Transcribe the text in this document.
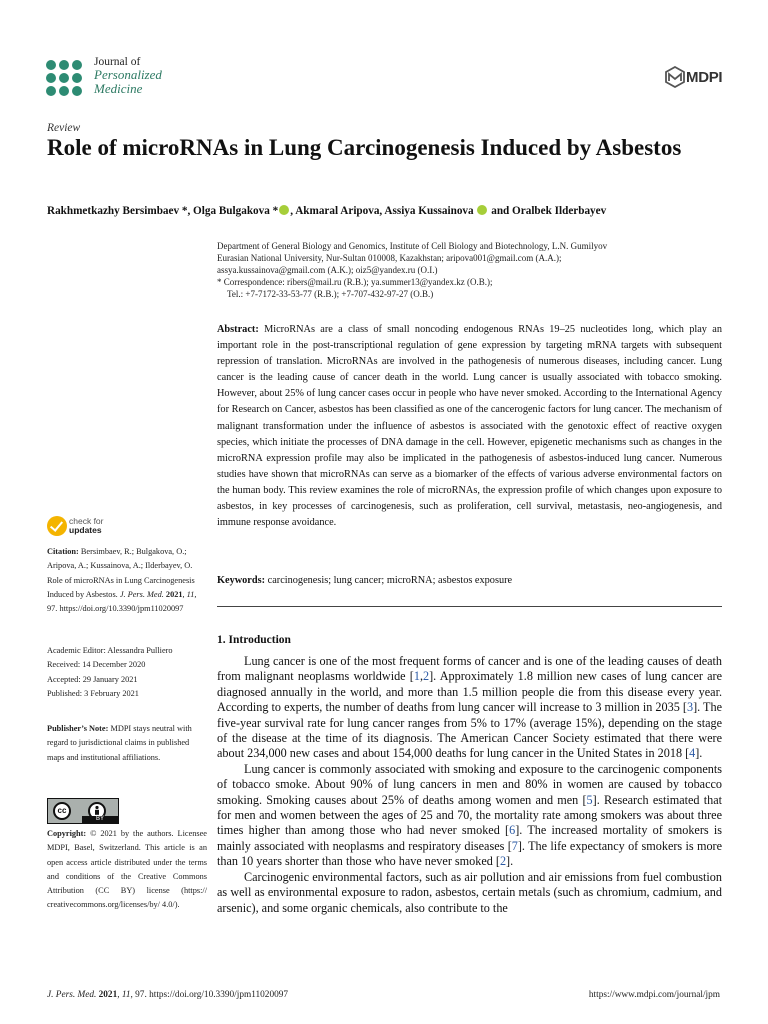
Journal of
Personalized
Medicine
MDPI
Review
Role of microRNAs in Lung Carcinogenesis Induced by Asbestos
Rakhmetkazhy Bersimbaev *, Olga Bulgakova * , Akmaral Aripova, Assiya Kussainova  and Oralbek Ilderbayev
Department of General Biology and Genomics, Institute of Cell Biology and Biotechnology, L.N. Gumilyov
Eurasian National University, Nur-Sultan 010008, Kazakhstan; aripova001@gmail.com (A.A.);
assya.kussainova@gmail.com (A.K.); oiz5@yandex.ru (O.I.)
* Correspondence: ribers@mail.ru (R.B.); ya.summer13@yandex.kz (O.B.);
Tel.: +7-7172-33-53-77 (R.B.); +7-707-432-97-27 (O.B.)
Abstract: MicroRNAs are a class of small noncoding endogenous RNAs 19–25 nucleotides long, which play an important role in the post-transcriptional regulation of gene expression by targeting mRNA targets with subsequent repression of translation. MicroRNAs are involved in the pathogenesis of numerous diseases, including cancer. Lung cancer is the leading cause of cancer death in the world. Lung cancer is usually associated with tobacco smoking. However, about 25% of lung cancer cases occur in people who have never smoked. According to the International Agency for Research on Cancer, asbestos has been classified as one of the cancerogenic factors for lung cancer. The mechanism of malignant transformation under the influence of asbestos is associated with the genotoxic effect of reactive oxygen species, which initiate the processes of DNA damage in the cell. However, epigenetic mechanisms such as changes in the microRNA expression profile may also be implicated in the pathogenesis of asbestos-induced lung cancer. Numerous studies have shown that microRNAs can serve as a biomarker of the effects of various adverse environmental factors on the human body. This review examines the role of microRNAs, the expression profile of which changes upon exposure to asbestos, in key processes of carcinogenesis, such as proliferation, cell survival, metastasis, neo-angiogenesis, and immune response avoidance.
Keywords: carcinogenesis; lung cancer; microRNA; asbestos exposure
check for
updates
Citation: Bersimbaev, R.; Bulgakova, O.; Aripova, A.; Kussainova, A.; Ilderbayev, O. Role of microRNAs in Lung Carcinogenesis Induced by Asbestos. J. Pers. Med. 2021, 11, 97. https://doi.org/10.3390/jpm11020097
Academic Editor: Alessandra Pulliero
Received: 14 December 2020
Accepted: 29 January 2021
Published: 3 February 2021
Publisher’s Note: MDPI stays neutral with regard to jurisdictional claims in published maps and institutional affiliations.
cc
BY
Copyright: © 2021 by the authors. Licensee MDPI, Basel, Switzerland. This article is an open access article distributed under the terms and conditions of the Creative Commons Attribution (CC BY) license (https:// creativecommons.org/licenses/by/ 4.0/).
1. Introduction

Lung cancer is one of the most frequent forms of cancer and is one of the leading causes of death from malignant neoplasms worldwide [1,2]. Approximately 1.8 million new cases of lung cancer are diagnosed annually in the world, and more than 1.5 million people die from this disease every year. According to experts, the number of deaths from lung cancer will increase to 3 million in 2035 [3]. The five-year survival rate for lung cancer ranges from 5% to 17% (average 15%), depending on the stage of the disease at the time of its diagnosis. The American Cancer Society estimated that there were about 234,000 new cases and about 154,000 deaths for lung cancer in the United States in 2018 [4].

Lung cancer is commonly associated with smoking and exposure to the carcinogenic components of tobacco smoke. About 90% of lung cancers in men and 80% in women are caused by tobacco smoking. Smoking causes about 25% of deaths among women and men [5]. Research estimated that for men and women between the ages of 25 and 70, the mortality rate among smokers was about three times higher than among those who had never smoked [6]. The increased mortality of smokers is mainly associated with neoplasms and respiratory diseases [7]. The life expectancy of smokers is more than 10 years shorter than those who have never smoked [2].

Carcinogenic environmental factors, such as air pollution and air emissions from fuel combustion as well as environmental exposure to radon, asbestos, certain metals (such as chromium, cadmium, and arsenic), and some organic chemicals, also contribute to the

J. Pers. Med. 2021, 11, 97. https://doi.org/10.3390/jpm11020097	https://www.mdpi.com/journal/jpm
